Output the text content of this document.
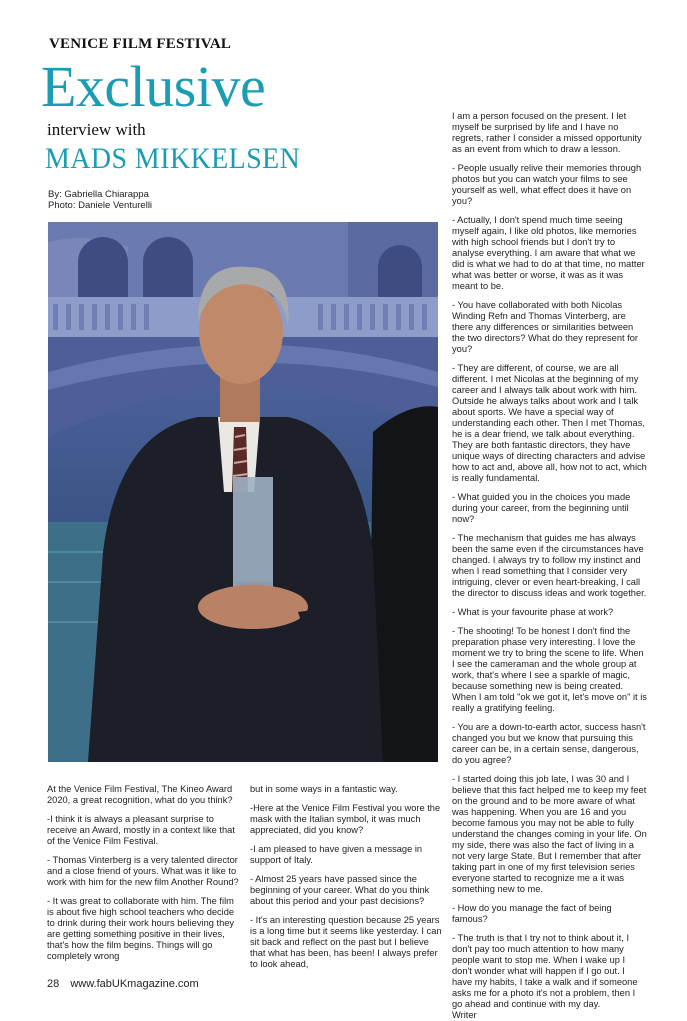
VENICE FILM FESTIVAL
Exclusive
interview with
MADS MIKKELSEN
By: Gabriella Chiarappa
Photo: Daniele Venturelli

At the Venice Film Festival, The Kineo Award 2020, a great recognition, what do you think?

-I think it is always a pleasant surprise to receive an Award, mostly in a context like that of the Venice Film Festival.

- Thomas Vinterberg is a very talented director and a close friend of yours. What was it like to work with him for the new film Another Round?

- It was great to collaborate with him. The film is about five high school teachers who decide to drink during their work hours believing they are getting something positive in their lives, that's how the film begins. Things will go completely wrong

but in some ways in a fantastic way.

-Here at the Venice Film Festival you wore the mask with the Italian symbol, it was much appreciated, did you know?

-I am pleased to have given a message in support of Italy.

- Almost 25 years have passed since the beginning of your career. What do you think about this period and your past decisions?

- It's an interesting question because 25 years is a long time but it seems like yesterday. I can sit back and reflect on the past but I believe that what has been, has been! I always prefer to look ahead,

I am a person focused on the present. I let myself be surprised by life and I have no regrets, rather I consider a missed opportunity as an event from which to draw a lesson.

- People usually relive their memories through photos but you can watch your films to see yourself as well, what effect does it have on you?

- Actually, I don't spend much time seeing myself again, I like old photos, like memories with high school friends but I don't try to analyse everything. I am aware that what we did is what we had to do at that time, no matter what was better or worse, it was as it was meant to be.

- You have collaborated with both Nicolas Winding Refn and Thomas Vinterberg, are there any differences or similarities between the two directors? What do they represent for you?

- They are different, of course, we are all different. I met Nicolas at the beginning of my career and I always talk about work with him. Outside he always talks about work and I talk about sports. We have a special way of understanding each other. Then I met Thomas, he is a dear friend, we talk about everything. They are both fantastic directors, they have unique ways of directing characters and advise how to act and, above all, how not to act, which is really fundamental.

- What guided you in the choices you made during your career, from the beginning until now?

- The mechanism that guides me has always been the same even if the circumstances have changed. I always try to follow my instinct and when I read something that I consider very intriguing, clever or even heart-breaking, I call the director to discuss ideas and work together.

- What is your favourite phase at work?

- The shooting! To be honest I don't find the preparation phase very interesting. I love the moment we try to bring the scene to life. When I see the cameraman and the whole group at work, that's where I see a sparkle of magic, because something new is being created. When I am told "ok we got it, let's move on" it is really a gratifying feeling.

- You are a down-to-earth actor, success hasn't changed you but we know that pursuing this career can be, in a certain sense, dangerous, do you agree?

- I started doing this job late, I was 30 and I believe that this fact helped me to keep my feet on the ground and to be more aware of what was happening. When you are 16 and you become famous you may not be able to fully understand the changes coming in your life. On my side, there was also the fact of living in a not very large State. But I remember that after taking part in one of my first television series everyone started to recognize me a it was something new to me.

- How do you manage the fact of being famous?

- The truth is that I try not to think about it, I don't pay too much attention to how many people want to stop me. When I wake up I don't wonder what will happen if I go out. I have my habits, I take a walk and if someone asks me for a photo it's not a problem, then I go ahead and continue with my day.

Writer
28 www.fabUKmagazine.com
